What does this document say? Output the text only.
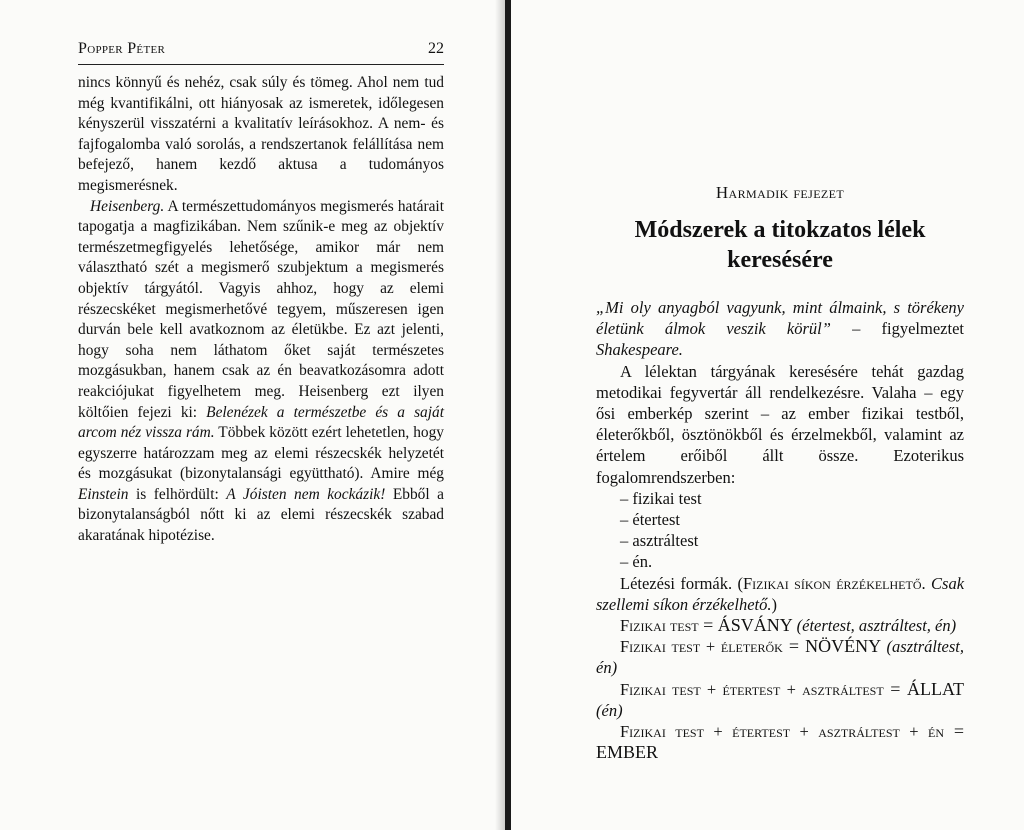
Popper Péter	22

nincs könnyű és nehéz, csak súly és tömeg. Ahol nem tud még kvantifikálni, ott hiányosak az ismeretek, időlegesen kényszerül visszatérni a kvalitatív leírásokhoz. A nem- és fajfogalomba való sorolás, a rendszertanok felállítása nem befejező, hanem kezdő aktusa a tudományos megismerésnek.

Heisenberg. A természettudományos megismerés határait tapogatja a magfizikában. Nem szűnik-e meg az objektív természetmegfigyelés lehetősége, amikor már nem választható szét a megismerő szubjektum a megismerés objektív tárgyától. Vagyis ahhoz, hogy az elemi részecskéket megismerhetővé tegyem, műszeresen igen durván bele kell avatkoznom az életükbe. Ez azt jelenti, hogy soha nem láthatom őket saját természetes mozgásukban, hanem csak az én beavatkozásomra adott reakciójukat figyelhetem meg. Heisenberg ezt ilyen költőien fejezi ki: Belenézek a természetbe és a saját arcom néz vissza rám. Többek között ezért lehetetlen, hogy egyszerre határozzam meg az elemi részecskék helyzetét és mozgásukat (bizonytalansági együttható). Amire még Einstein is felhördült: A Jóisten nem kockázik! Ebből a bizonytalanságból nőtt ki az elemi részecskék szabad akaratának hipotézise.

Harmadik fejezet
Módszerek a titokzatos lélek keresésére

„Mi oly anyagból vagyunk, mint álmaink, s törékeny életünk álmok veszik körül” – figyelmeztet Shakespeare.

A lélektan tárgyának keresésére tehát gazdag metodikai fegyvertár áll rendelkezésre. Valaha – egy ősi emberkép szerint – az ember fizikai testből, életerőkből, ösztönökből és érzelmekből, valamint az értelem erőiből állt össze. Ezoterikus fogalomrendszerben:

– fizikai test
– étertest
– asztráltest
– én.

Létezési formák. (Fizikai síkon érzékelhető. Csak szellemi síkon érzékelhető.)

Fizikai test = ÁSVÁNY (étertest, asztráltest, én)

Fizikai test + életerők = NÖVÉNY (asztráltest, én)

Fizikai test + étertest + asztráltest = ÁLLAT (én)

Fizikai test + étertest + asztráltest + én = EMBER
